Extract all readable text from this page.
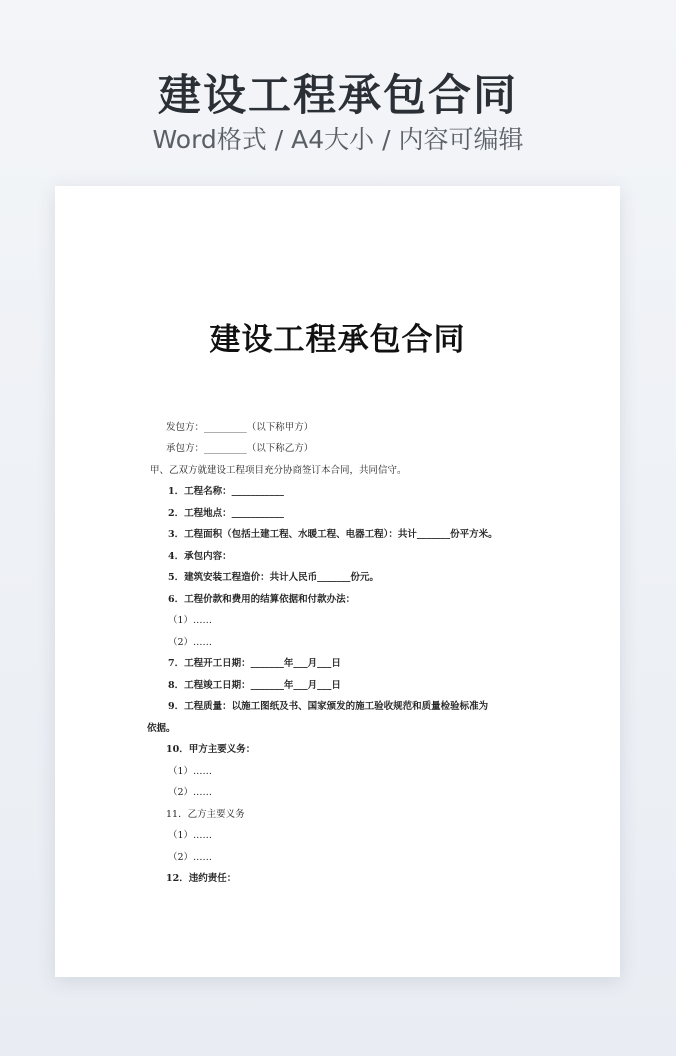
建设工程承包合同
Word格式 / A4大小 / 内容可编辑
建设工程承包合同
发包方：_________（以下称甲方）
承包方：_________（以下称乙方）
甲、乙双方就建设工程项目充分协商签订本合同，共同信守。
1．工程名称：___________
2．工程地点：___________
3．工程面积（包括土建工程、水暖工程、电器工程）：共计_______份平方米。
4．承包内容：
5．建筑安装工程造价：共计人民币_______份元。
6．工程价款和费用的结算依据和付款办法：
（1）……
（2）……
7．工程开工日期：_______年___月___日
8．工程竣工日期：_______年___月___日
9．工程质量：以施工图纸及书、国家颁发的施工验收规范和质量检验标准为
依据。
10．甲方主要义务：
（1）……
（2）……
11．乙方主要义务
（1）……
（2）……
12．违约责任：
